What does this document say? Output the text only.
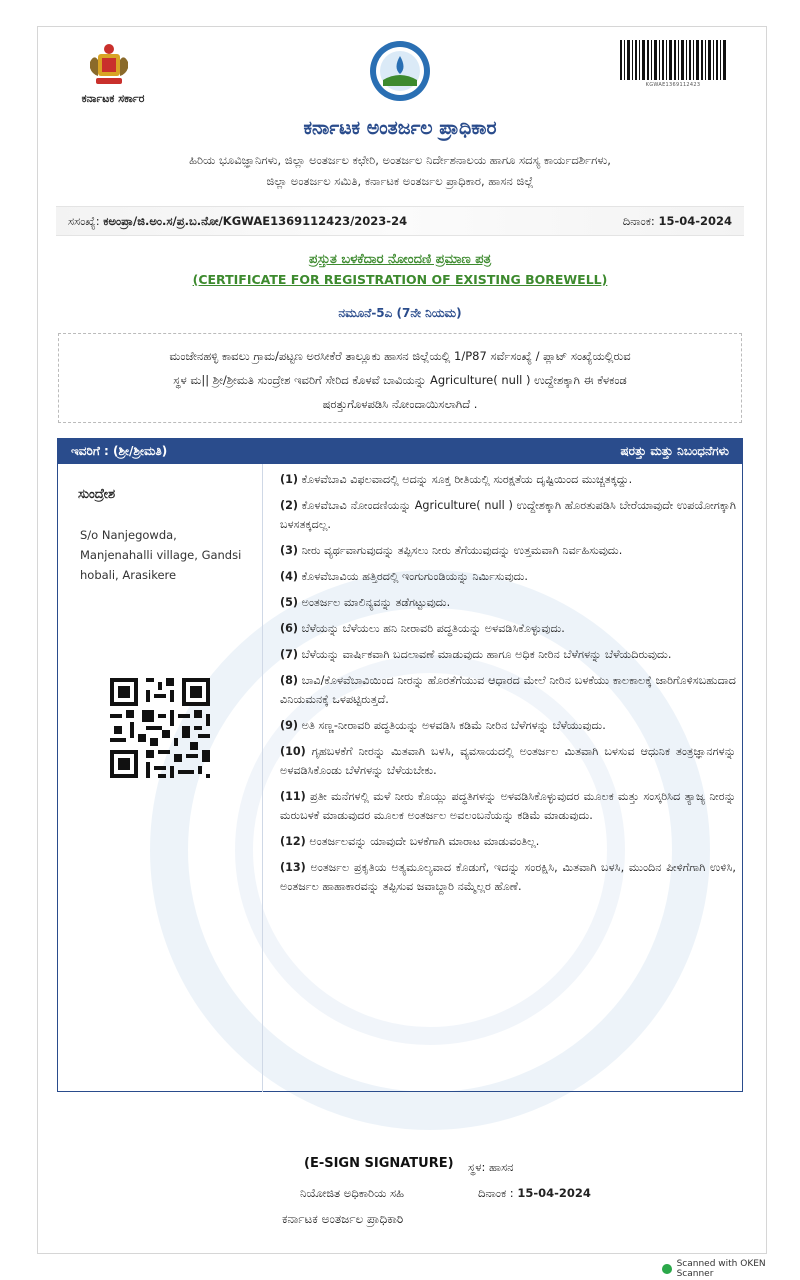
ಕರ್ನಾಟಕ ಸರ್ಕಾರ
KGWAE1369112423
ಕರ್ನಾಟಕ ಅಂತರ್ಜಲ ಪ್ರಾಧಿಕಾರ
ಹಿರಿಯ ಭೂವಿಜ್ಞಾನಿಗಳು, ಜಿಲ್ಲಾ ಅಂತರ್ಜಲ ಕಛೇರಿ, ಅಂತರ್ಜಲ ನಿರ್ದೇಶನಾಲಯ ಹಾಗೂ ಸದಸ್ಯ ಕಾರ್ಯದರ್ಶಿಗಳು,
ಜಿಲ್ಲಾ ಅಂತರ್ಜಲ ಸಮಿತಿ, ಕರ್ನಾಟಕ ಅಂತರ್ಜಲ ಪ್ರಾಧಿಕಾರ, ಹಾಸನ ಜಿಲ್ಲೆ
ಸಸಂಖ್ಯೆ: ಕಅಂಪ್ರಾ/ಜಿ.ಅಂ.ಸ/ಪ್ರ.ಬ.ನೋ/KGWAE1369112423/2023-24	ದಿನಾಂಕ: 15-04-2024
ಪ್ರಸ್ತುತ ಬಳಕೆದಾರ ನೋಂದಣಿ ಪ್ರಮಾಣ ಪತ್ರ
(CERTIFICATE FOR REGISTRATION OF EXISTING BOREWELL)
ನಮೂನೆ-5ಎ (7ನೇ ನಿಯಮ)
ಮಂಜೇನಹಳ್ಳಿ ಕಾವಲು ಗ್ರಾಮ/ಪಟ್ಟಣ ಅರಸೀಕೆರೆ ತಾಲ್ಲೂಕು ಹಾಸನ ಜಿಲ್ಲೆಯಲ್ಲಿ 1/P87 ಸರ್ವೆಸಂಖ್ಯೆ / ಪ್ಲಾಟ್ ಸಂಖ್ಯೆಯಲ್ಲಿರುವ
ಸ್ಥಳ ಮ|| ಶ್ರೀ/ಶ್ರೀಮತಿ ಸುಂದ್ರೇಶ ಇವರಿಗೆ ಸೇರಿದ ಕೊಳವೆ ಬಾವಿಯನ್ನು Agriculture( null ) ಉದ್ದೇಶಕ್ಕಾಗಿ ಈ ಕೆಳಕಂಡ
ಷರತ್ತುಗೊಳಪಡಿಸಿ ನೋಂದಾಯಿಸಲಾಗಿದೆ .
ಇವರಿಗೆ : (ಶ್ರೀ/ಶ್ರೀಮತಿ)	ಷರತ್ತು ಮತ್ತು ನಿಬಂಧನೆಗಳು
ಸುಂದ್ರೇಶ
S/o Nanjegowda,
Manjenahalli village, Gandsi
hobali, Arasikere

(1) ಕೊಳವೆಬಾವಿ ವಿಫಲವಾದಲ್ಲಿ ಅದನ್ನು ಸೂಕ್ತ ರೀತಿಯಲ್ಲಿ ಸುರಕ್ಷತೆಯ ದೃಷ್ಟಿಯಿಂದ ಮುಚ್ಚತಕ್ಕದ್ದು.

(2) ಕೊಳವೆಬಾವಿ ನೋಂದಣಿಯನ್ನು Agriculture( null ) ಉದ್ದೇಶಕ್ಕಾಗಿ ಹೊರತುಪಡಿಸಿ ಬೇರೆಯಾವುದೇ ಉಪಯೋಗಕ್ಕಾಗಿ ಬಳಸತಕ್ಕದಲ್ಲ.

(3) ನೀರು ವ್ಯರ್ಥವಾಗುವುದನ್ನು ತಪ್ಪಿಸಲು ನೀರು ತೆಗೆಯುವುದನ್ನು ಉತ್ತಮವಾಗಿ ನಿರ್ವಹಿಸುವುದು.

(4) ಕೊಳವೆಬಾವಿಯ ಹತ್ತಿರದಲ್ಲಿ ಇಂಗುಗುಂಡಿಯನ್ನು ನಿರ್ಮಿಸುವುದು.

(5) ಅಂತರ್ಜಲ ಮಾಲಿನ್ಯವನ್ನು ತಡೆಗಟ್ಟುವುದು.

(6) ಬೆಳೆಯನ್ನು ಬೆಳೆಯಲು ಹನಿ ನೀರಾವರಿ ಪದ್ಧತಿಯನ್ನು ಅಳವಡಿಸಿಕೊಳ್ಳುವುದು.

(7) ಬೆಳೆಯನ್ನು ವಾರ್ಷಿಕವಾಗಿ ಬದಲಾವಣೆ ಮಾಡುವುದು ಹಾಗೂ ಅಧಿಕ ನೀರಿನ ಬೆಳೆಗಳನ್ನು ಬೆಳೆಯದಿರುವುದು.

(8) ಬಾವಿ/ಕೊಳವೆಬಾವಿಯಿಂದ ನೀರನ್ನು ಹೊರತೆಗೆಯುವ ಆಧಾರದ ಮೇಲೆ ನೀರಿನ ಬಳಕೆಯು ಕಾಲಕಾಲಕ್ಕೆ ಜಾರಿಗೊಳಿಸಬಹುದಾದ ವಿನಿಯಮನಕ್ಕೆ ಒಳಪಟ್ಟಿರುತ್ತದೆ.

(9) ಅತಿ ಸಣ್ಣ-ನೀರಾವರಿ ಪದ್ಧತಿಯನ್ನು ಅಳವಡಿಸಿ ಕಡಿಮೆ ನೀರಿನ ಬೆಳೆಗಳನ್ನು ಬೆಳೆಯುವುದು.

(10) ಗೃಹಬಳಕೆಗೆ ನೀರನ್ನು ಮಿತವಾಗಿ ಬಳಸಿ, ವ್ಯವಸಾಯದಲ್ಲಿ ಅಂತರ್ಜಲ ಮಿತವಾಗಿ ಬಳಸುವ ಆಧುನಿಕ ತಂತ್ರಜ್ಞಾನಗಳನ್ನು ಅಳವಡಿಸಿಕೊಂಡು ಬೆಳೆಗಳನ್ನು ಬೆಳೆಯಬೇಕು.

(11) ಪ್ರತೀ ಮನೆಗಳಲ್ಲಿ ಮಳೆ ನೀರು ಕೊಯ್ಲು ಪದ್ಧತಿಗಳನ್ನು ಅಳವಡಿಸಿಕೊಳ್ಳುವುದರ ಮೂಲಕ ಮತ್ತು ಸಂಸ್ಕರಿಸಿದ ತ್ಯಾಜ್ಯ ನೀರನ್ನು ಮರುಬಳಕೆ ಮಾಡುವುದರ ಮೂಲಕ ಅಂತರ್ಜಲ ಅವಲಂಬನೆಯನ್ನು ಕಡಿಮೆ ಮಾಡುವುದು.

(12) ಅಂತರ್ಜಲವನ್ನು ಯಾವುದೇ ಬಳಕೆಗಾಗಿ ಮಾರಾಟ ಮಾಡುವಂತಿಲ್ಲ.

(13) ಅಂತರ್ಜಲ ಪ್ರಕೃತಿಯ ಅತ್ಯಮೂಲ್ಯವಾದ ಕೊಡುಗೆ, ಇದನ್ನು ಸಂರಕ್ಷಿಸಿ, ಮಿತವಾಗಿ ಬಳಸಿ, ಮುಂದಿನ ಪೀಳಿಗೆಗಾಗಿ ಉಳಿಸಿ, ಅಂತರ್ಜಲ ಹಾಹಾಕಾರವನ್ನು ತಪ್ಪಿಸುವ ಜವಾಬ್ದಾರಿ ನಮ್ಮೆಲ್ಲರ ಹೊಣೆ.

(E-SIGN SIGNATURE) ಸ್ಥಳ: ಹಾಸನ
ನಿಯೋಜಿತ ಅಧಿಕಾರಿಯ ಸಹಿ	ದಿನಾಂಕ : 15-04-2024
ಕರ್ನಾಟಕ ಅಂತರ್ಜಲ ಪ್ರಾಧಿಕಾರಿ
Scanned with OKEN Scanner
